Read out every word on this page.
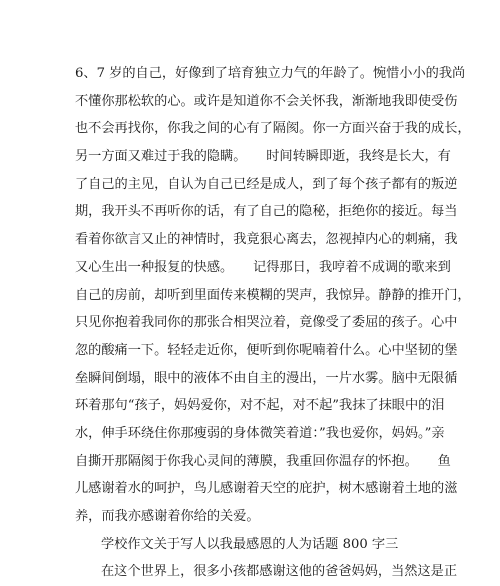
6、7 岁的自己，好像到了培育独立力气的年龄了。惋惜小小的我尚
不懂你那松软的心。或许是知道你不会关怀我，渐渐地我即使受伤
也不会再找你，你我之间的心有了隔阂。你一方面兴奋于我的成长，
另一方面又难过于我的隐瞒。　　时间转瞬即逝，我终是长大，有
了自己的主见，自认为自己已经是成人，到了每个孩子都有的叛逆
期，我开头不再听你的话，有了自己的隐秘，拒绝你的接近。每当
看着你欲言又止的神情时，我竟狠心离去，忽视掉内心的刺痛，我
又心生出一种报复的快感。　　记得那日，我哼着不成调的歌来到
自己的房前，却听到里面传来模糊的哭声，我惊异。静静的推开门，
只见你抱着我同你的那张合相哭泣着，竟像受了委屈的孩子。心中
忽的酸痛一下。轻轻走近你，便听到你呢喃着什么。心中坚韧的堡
垒瞬间倒塌，眼中的液体不由自主的漫出，一片水雾。脑中无限循
环着那句“孩子，妈妈爱你，对不起，对不起”我抹了抹眼中的泪
水，伸手环绕住你那瘦弱的身体微笑着道：”我也爱你，妈妈。”亲
自撕开那隔阂于你我心灵间的薄膜，我重回你温存的怀抱。　　鱼
儿感谢着水的呵护，鸟儿感谢着天空的庇护，树木感谢着土地的滋
养，而我亦感谢着你给的关爱。
学校作文关于写人以我最感恩的人为话题 800 字三
在这个世界上，很多小孩都感谢这他的爸爸妈妈，当然这是正
